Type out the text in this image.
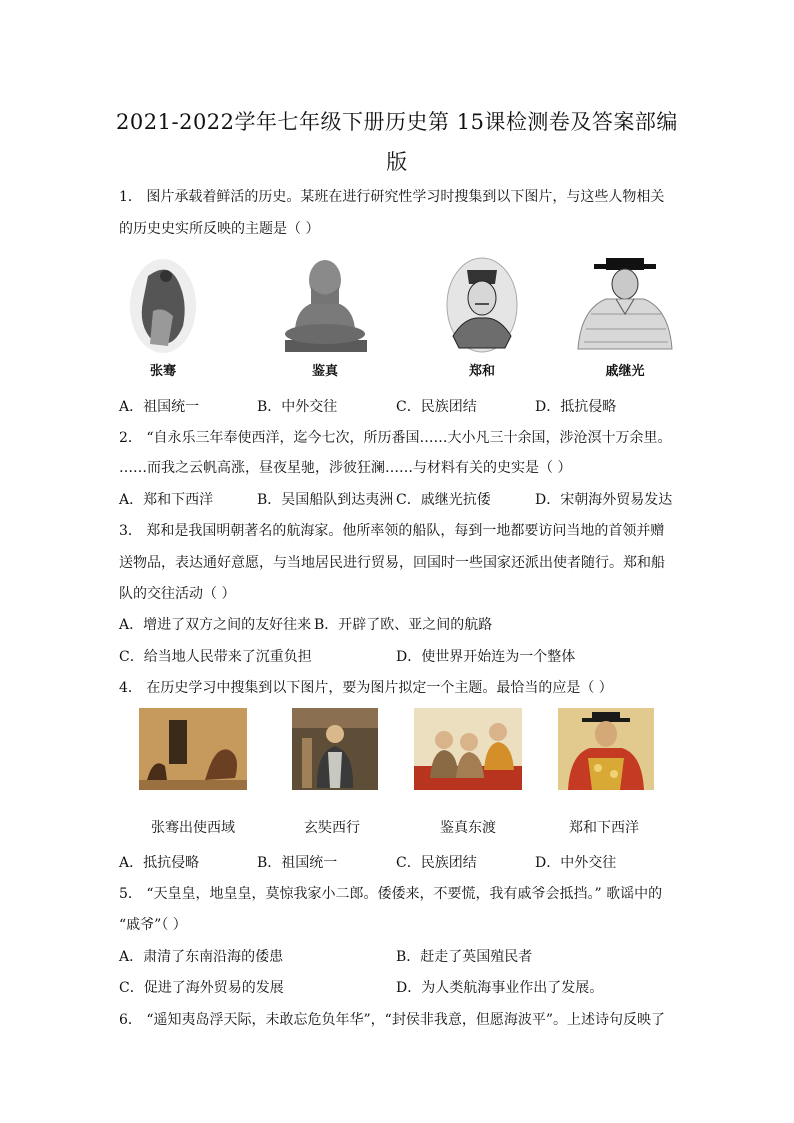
2021-2022学年七年级下册历史第 15课检测卷及答案部编
版
1． 图片承载着鲜活的历史。某班在进行研究性学习时搜集到以下图片，与这些人物相关
的历史史实所反映的主题是（ ）
张骞	鉴真	郑和	戚继光
A．祖国统一	B．中外交往	C．民族团结	D．抵抗侵略
2． “自永乐三年奉使西洋，迄今七次，所历番国……大小凡三十余国，涉沧溟十万余里。
……而我之云帆高涨，昼夜星驰，涉彼狂澜……与材料有关的史实是（ ）
A．郑和下西洋	B．吴国船队到达夷洲 C．戚继光抗倭	D．宋朝海外贸易发达
3． 郑和是我国明朝著名的航海家。他所率领的船队，每到一地都要访问当地的首领并赠
送物品，表达通好意愿，与当地居民进行贸易，回国时一些国家还派出使者随行。郑和船
队的交往活动（ ）
A．增进了双方之间的友好往来 B．开辟了欧、亚之间的航路
C．给当地人民带来了沉重负担	D．使世界开始连为一个整体
4． 在历史学习中搜集到以下图片，要为图片拟定一个主题。最恰当的应是（ ）
张骞出使西域	玄奘西行	鉴真东渡	郑和下西洋
A．抵抗侵略	B．祖国统一	C．民族团结	D．中外交往
5． “天皇皇，地皇皇，莫惊我家小二郎。倭倭来，不要慌，我有戚爷会抵挡。” 歌谣中的
“戚爷”（ ）
A．肃清了东南沿海的倭患	B．赶走了英国殖民者
C．促进了海外贸易的发展	D．为人类航海事业作出了发展。
6． “遥知夷岛浮天际，未敢忘危负年华”，“封侯非我意，但愿海波平”。上述诗句反映了
